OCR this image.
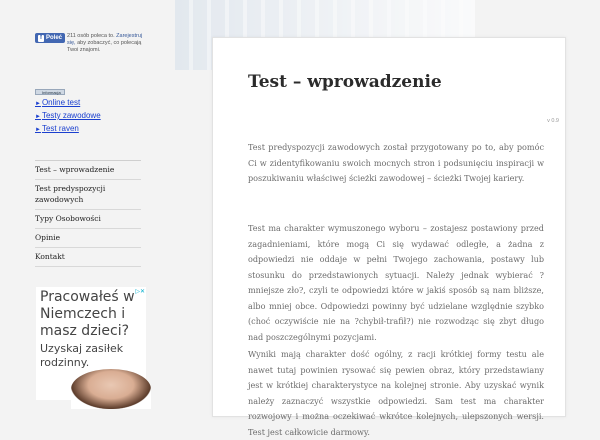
f Poleć 211 osób poleca to. Zarejestruj się, aby zobaczyć, co polecają Twoi znajomi.
Informacja
►Online test
►Testy zawodowe
►Test raven
Test – wprowadzenie
Test predyspozycji zawodowych
Typy Osobowości
Opinie
Kontakt
▷✕
Pracowałeś w Niemczech i masz dzieci?
Uzyskaj zasiłek rodzinny.
Test – wprowadzenie
v 0.9

Test predyspozycji zawodowych został przygotowany po to, aby pomóc Ci w zidentyfikowaniu swoich mocnych stron i podsunięciu inspiracji w poszukiwaniu właściwej ścieżki zawodowej – ścieżki Twojej kariery.

Test ma charakter wymuszonego wyboru – zostajesz postawiony przed zagadnieniami, które mogą Ci się wydawać odległe, a żadna z odpowiedzi nie oddaje w pełni Twojego zachowania, postawy lub stosunku do przedstawionych sytuacji. Należy jednak wybierać ? mniejsze zło?, czyli te odpowiedzi które w jakiś sposób są nam bliższe, albo mniej obce. Odpowiedzi powinny być udzielane względnie szybko (choć oczywiście nie na ?chybił-trafił?) nie rozwodząc się zbyt długo nad poszczególnymi pozycjami.

Wyniki mają charakter dość ogólny, z racji krótkiej formy testu ale nawet tutaj powinien rysować się pewien obraz, który przedstawiany jest w krótkiej charakterystyce na kolejnej stronie. Aby uzyskać wynik należy zaznaczyć wszystkie odpowiedzi. Sam test ma charakter rozwojowy i można oczekiwać wkrótce kolejnych, ulepszonych wersji. Test jest całkowicie darmowy.
